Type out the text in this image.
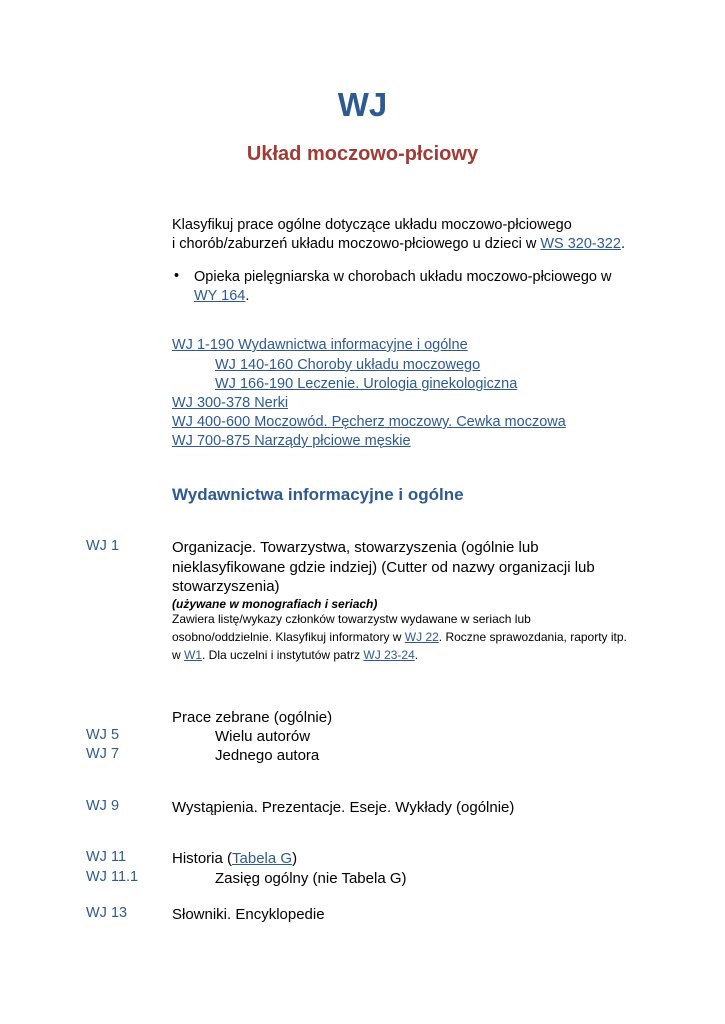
WJ
Układ moczowo-płciowy
Klasyfikuj prace ogólne dotyczące układu moczowo-płciowego
i chorób/zaburzeń układu moczowo-płciowego u dzieci w WS 320-322.
• Opieka pielęgniarska w chorobach układu moczowo-płciowego w
WY 164.
WJ 1-190 Wydawnictwa informacyjne i ogólne
WJ 140-160 Choroby układu moczowego
WJ 166-190 Leczenie. Urologia ginekologiczna
WJ 300-378 Nerki
WJ 400-600 Moczowód. Pęcherz moczowy. Cewka moczowa
WJ 700-875 Narządy płciowe męskie
Wydawnictwa informacyjne i ogólne
WJ 1	Organizacje. Towarzystwa, stowarzyszenia (ogólnie lub
nieklasyfikowane gdzie indziej) (Cutter od nazwy organizacji lub
stowarzyszenia)
(używane w monografiach i seriach)
Zawiera listę/wykazy członków towarzystw wydawane w seriach lub
osobno/oddzielnie. Klasyfikuj informatory w WJ 22. Roczne sprawozdania, raporty itp.
w W1. Dla uczelni i instytutów patrz WJ 23-24.
Prace zebrane (ogólnie)
WJ 5	Wielu autorów
WJ 7	Jednego autora
WJ 9	Wystąpienia. Prezentacje. Eseje. Wykłady (ogólnie)
WJ 11	Historia (Tabela G)
WJ 11.1	Zasięg ogólny (nie Tabela G)
WJ 13	Słowniki. Encyklopedie
